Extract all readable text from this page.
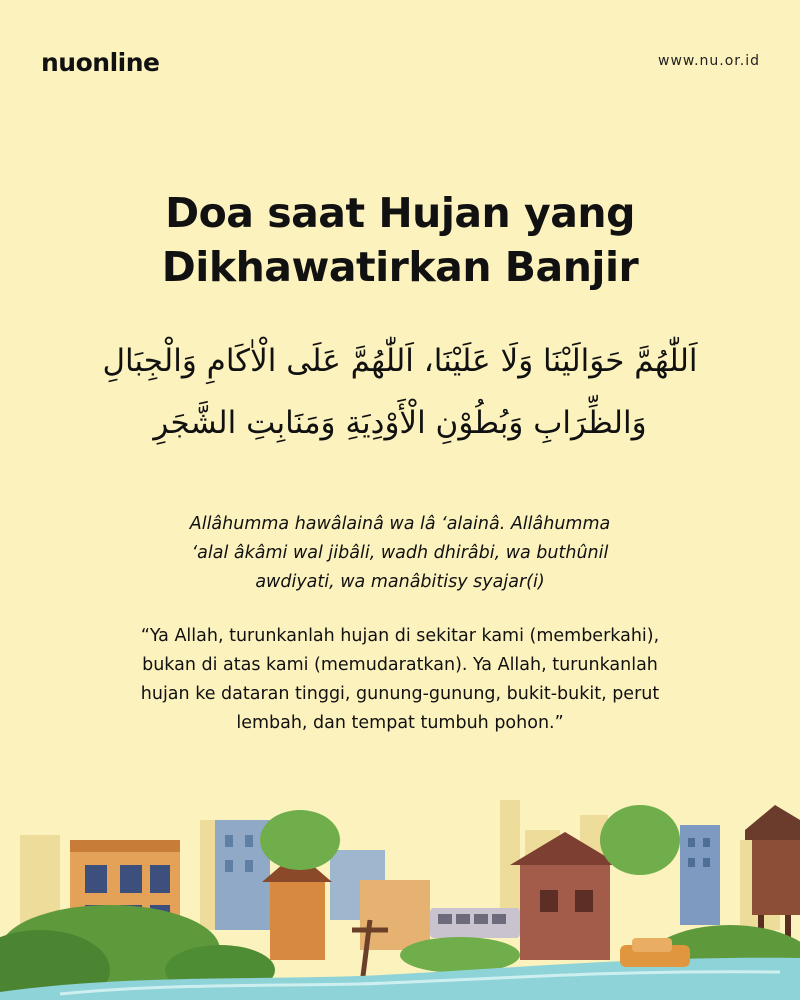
nuonline	www.nu.or.id
Doa saat Hujan yang
Dikhawatirkan Banjir
اَللّٰهُمَّ حَوَالَيْنَا وَلَا عَلَيْنَا، اَللّٰهُمَّ عَلَى الْاٰكَامِ وَالْجِبَالِ
وَالظِّرَابِ وَبُطُوْنِ الْأَوْدِيَةِ وَمَنَابِتِ الشَّجَرِ
Allâhumma hawâlainâ wa lâ ‘alainâ. Allâhumma
‘alal âkâmi wal jibâli, wadh dhirâbi, wa buthûnil
awdiyati, wa manâbitisy syajar(i)
“Ya Allah, turunkanlah hujan di sekitar kami (memberkahi),
bukan di atas kami (memudaratkan). Ya Allah, turunkanlah
hujan ke dataran tinggi, gunung-gunung, bukit-bukit, perut
lembah, dan tempat tumbuh pohon.”
